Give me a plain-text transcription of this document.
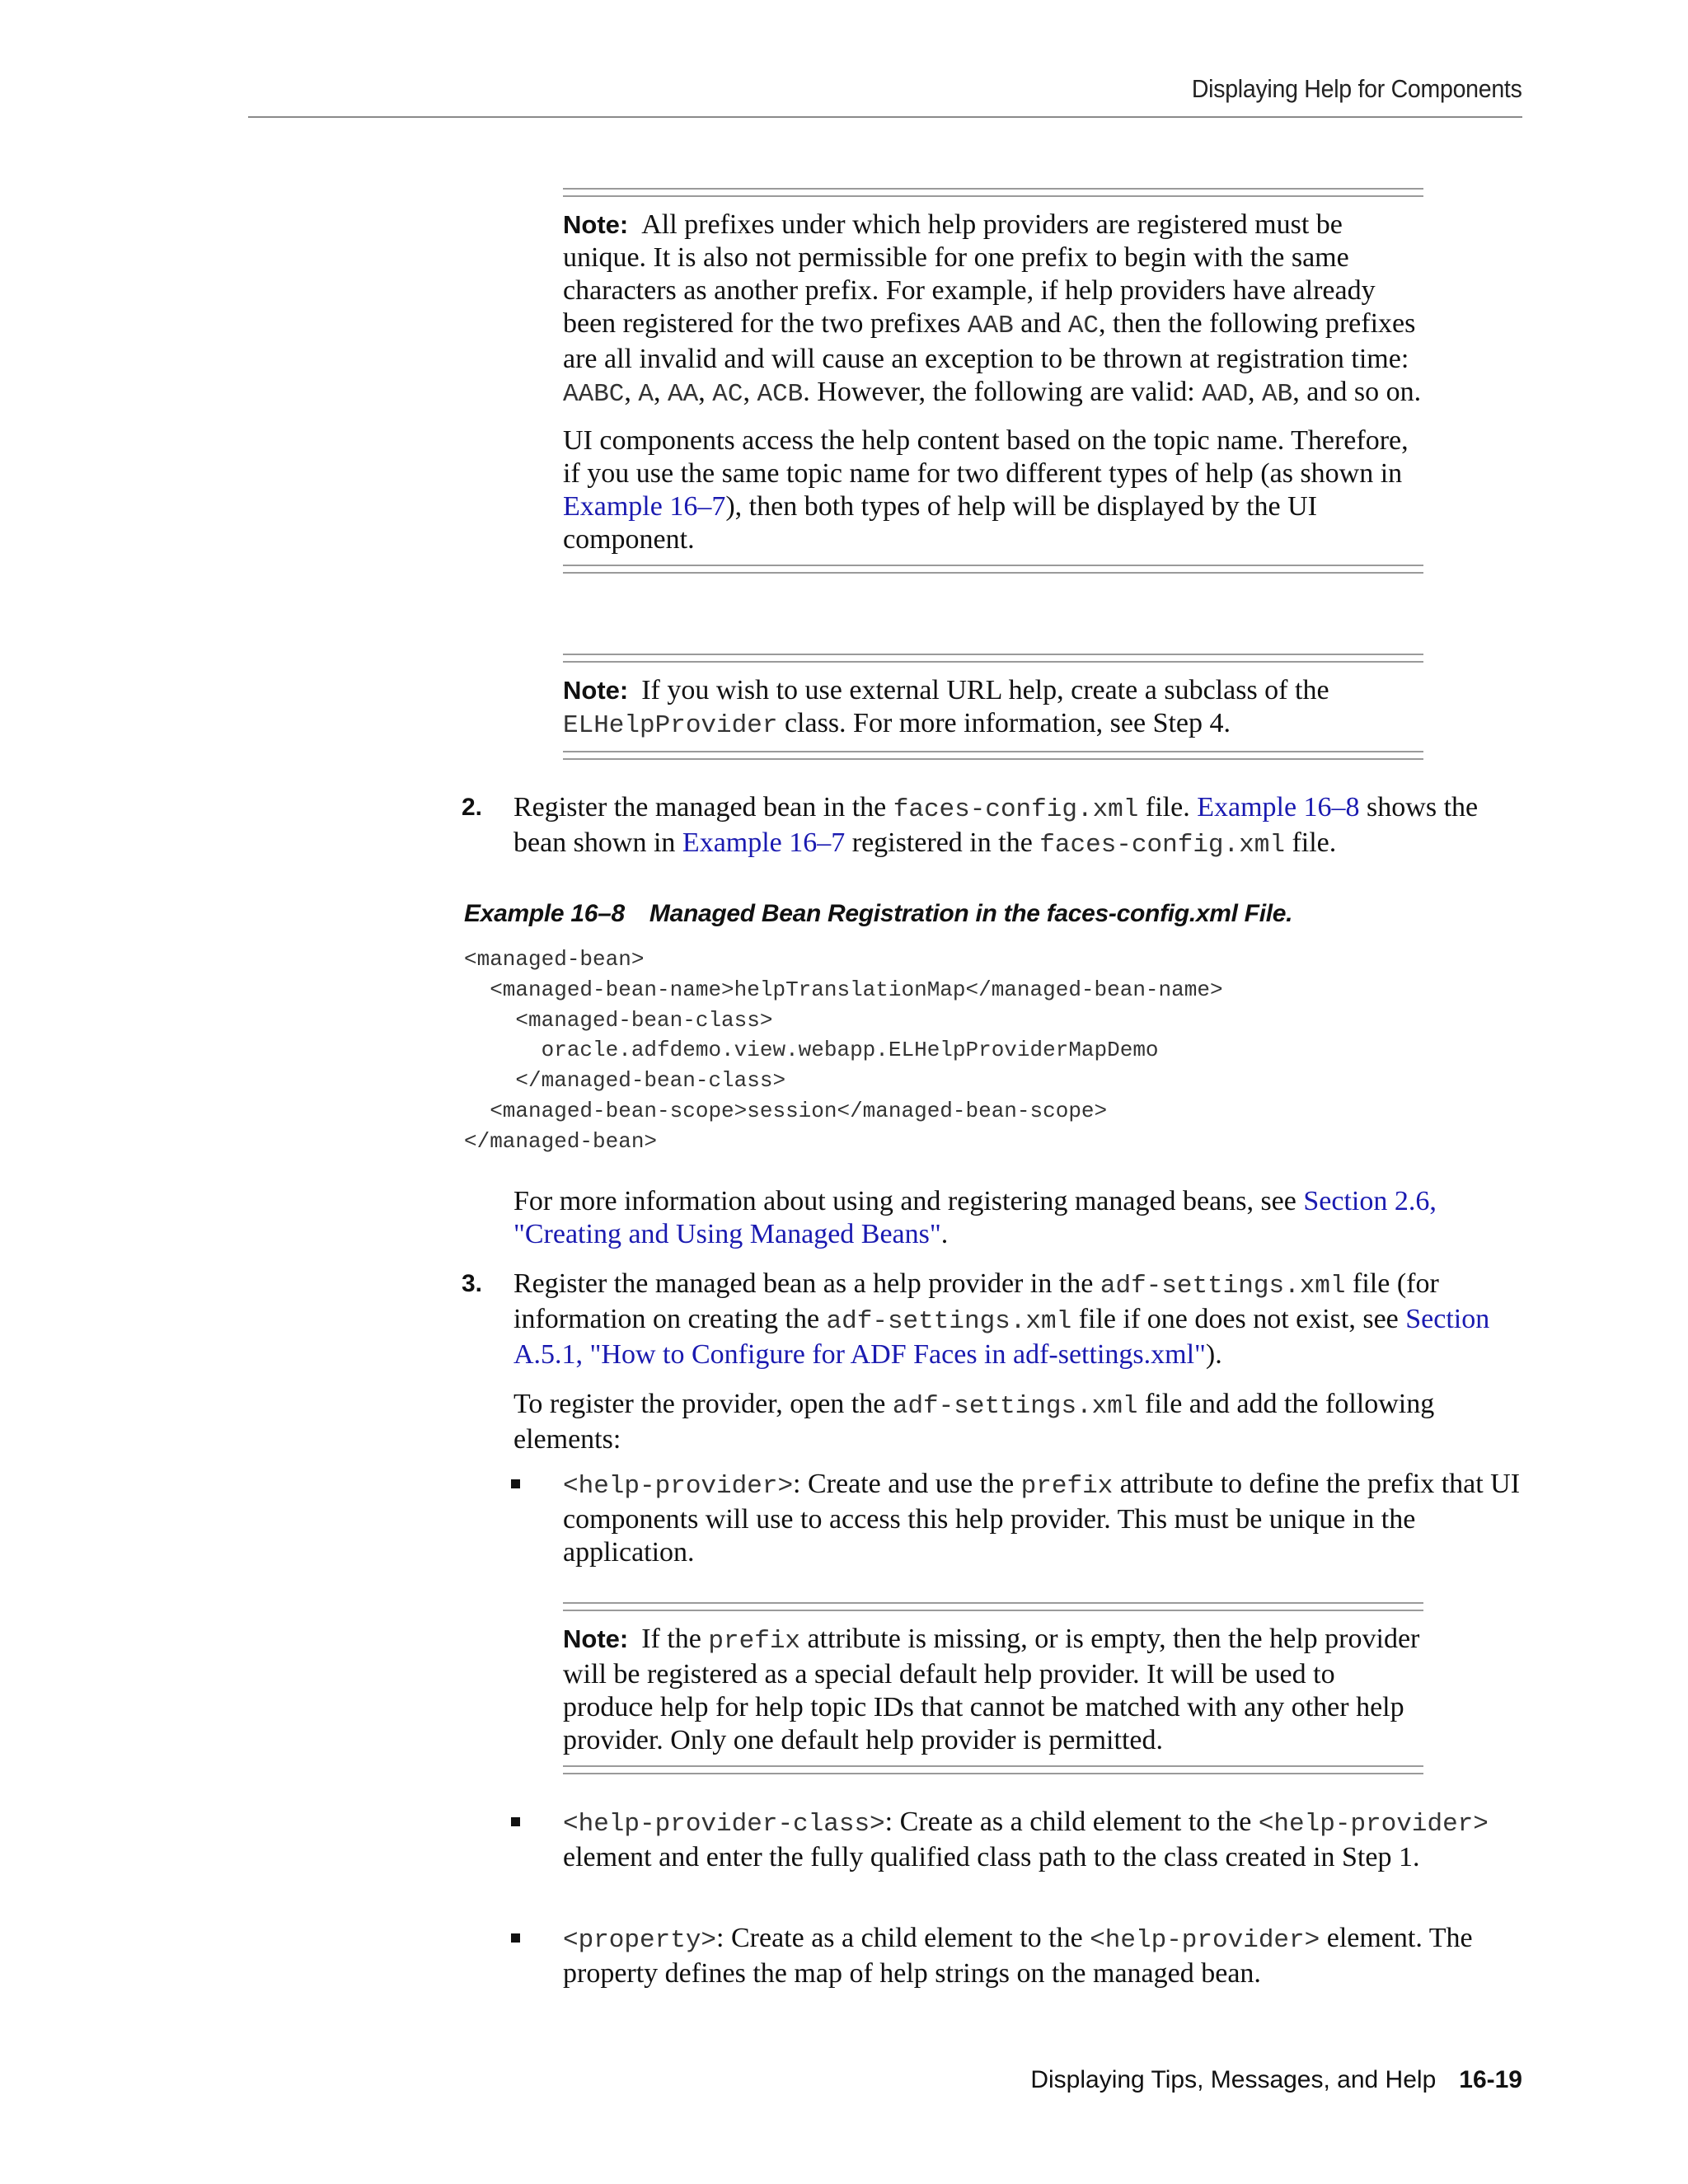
Displaying Help for Components

Note: All prefixes under which help providers are registered must be unique. It is also not permissible for one prefix to begin with the same characters as another prefix. For example, if help providers have already been registered for the two prefixes AAB and AC, then the following prefixes are all invalid and will cause an exception to be thrown at registration time: AABC, A, AA, AC, ACB. However, the following are valid: AAD, AB, and so on.

UI components access the help content based on the topic name. Therefore, if you use the same topic name for two different types of help (as shown in Example 16–7), then both types of help will be displayed by the UI component.

Note: If you wish to use external URL help, create a subclass of the ELHelpProvider class. For more information, see Step 4.

2. Register the managed bean in the faces-config.xml file. Example 16–8 shows the bean shown in Example 16–7 registered in the faces-config.xml file.

Example 16–8 Managed Bean Registration in the faces-config.xml File.
<managed-bean>
<managed-bean-name>helpTranslationMap</managed-bean-name>
<managed-bean-class>
oracle.adfdemo.view.webapp.ELHelpProviderMapDemo
</managed-bean-class>
<managed-bean-scope>session</managed-bean-scope>
</managed-bean>
For more information about using and registering managed beans, see Section 2.6, "Creating and Using Managed Beans".
3. Register the managed bean as a help provider in the adf-settings.xml file (for information on creating the adf-settings.xml file if one does not exist, see Section A.5.1, "How to Configure for ADF Faces in adf-settings.xml").

To register the provider, open the adf-settings.xml file and add the following elements:

<help-provider>: Create and use the prefix attribute to define the prefix that UI components will use to access this help provider. This must be unique in the application.

Note: If the prefix attribute is missing, or is empty, then the help provider will be registered as a special default help provider. It will be used to produce help for help topic IDs that cannot be matched with any other help provider. Only one default help provider is permitted.

<help-provider-class>: Create as a child element to the <help-provider> element and enter the fully qualified class path to the class created in Step 1.
<property>: Create as a child element to the <help-provider> element. The property defines the map of help strings on the managed bean.
Displaying Tips, Messages, and Help 16-19
